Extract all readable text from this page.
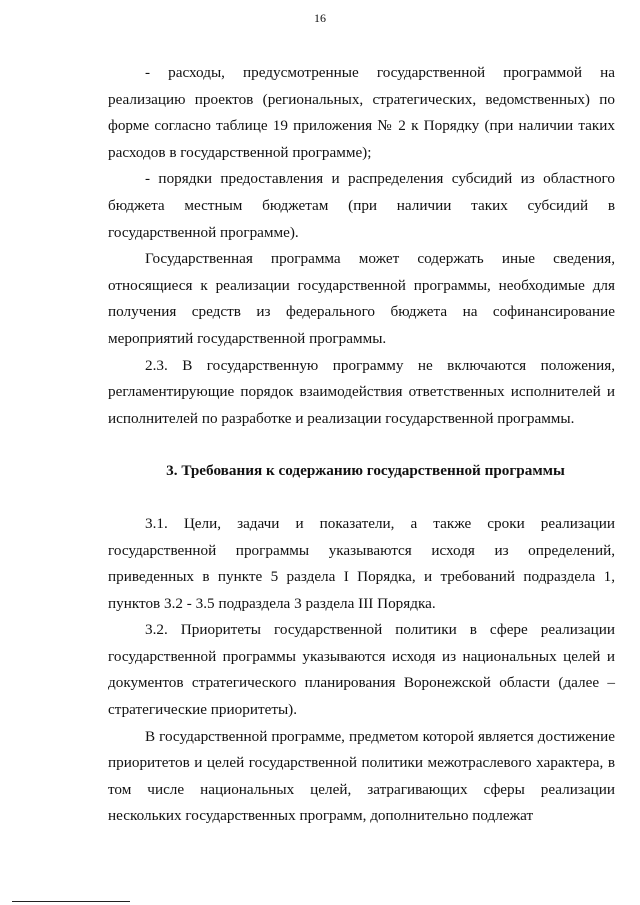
16

- расходы, предусмотренные государственной программой на реализацию проектов (региональных, стратегических, ведомственных) по форме согласно таблице 19 приложения № 2 к Порядку (при наличии таких расходов в государственной программе);

- порядки предоставления и распределения субсидий из областного бюджета местным бюджетам (при наличии таких субсидий в государственной программе).

Государственная программа может содержать иные сведения, относящиеся к реализации государственной программы, необходимые для получения средств из федерального бюджета на софинансирование мероприятий государственной программы.

2.3. В государственную программу не включаются положения, регламентирующие порядок взаимодействия ответственных исполнителей и исполнителей по разработке и реализации государственной программы.

3. Требования к содержанию государственной программы

3.1. Цели, задачи и показатели, а также сроки реализации государственной программы указываются исходя из определений, приведенных в пункте 5 раздела I Порядка, и требований подраздела 1, пунктов 3.2 - 3.5 подраздела 3 раздела III Порядка.

3.2. Приоритеты государственной политики в сфере реализации государственной программы указываются исходя из национальных целей и документов стратегического планирования Воронежской области (далее – стратегические приоритеты).

В государственной программе, предметом которой является достижение приоритетов и целей государственной политики межотраслевого характера, в том числе национальных целей, затрагивающих сферы реализации нескольких государственных программ, дополнительно подлежат
